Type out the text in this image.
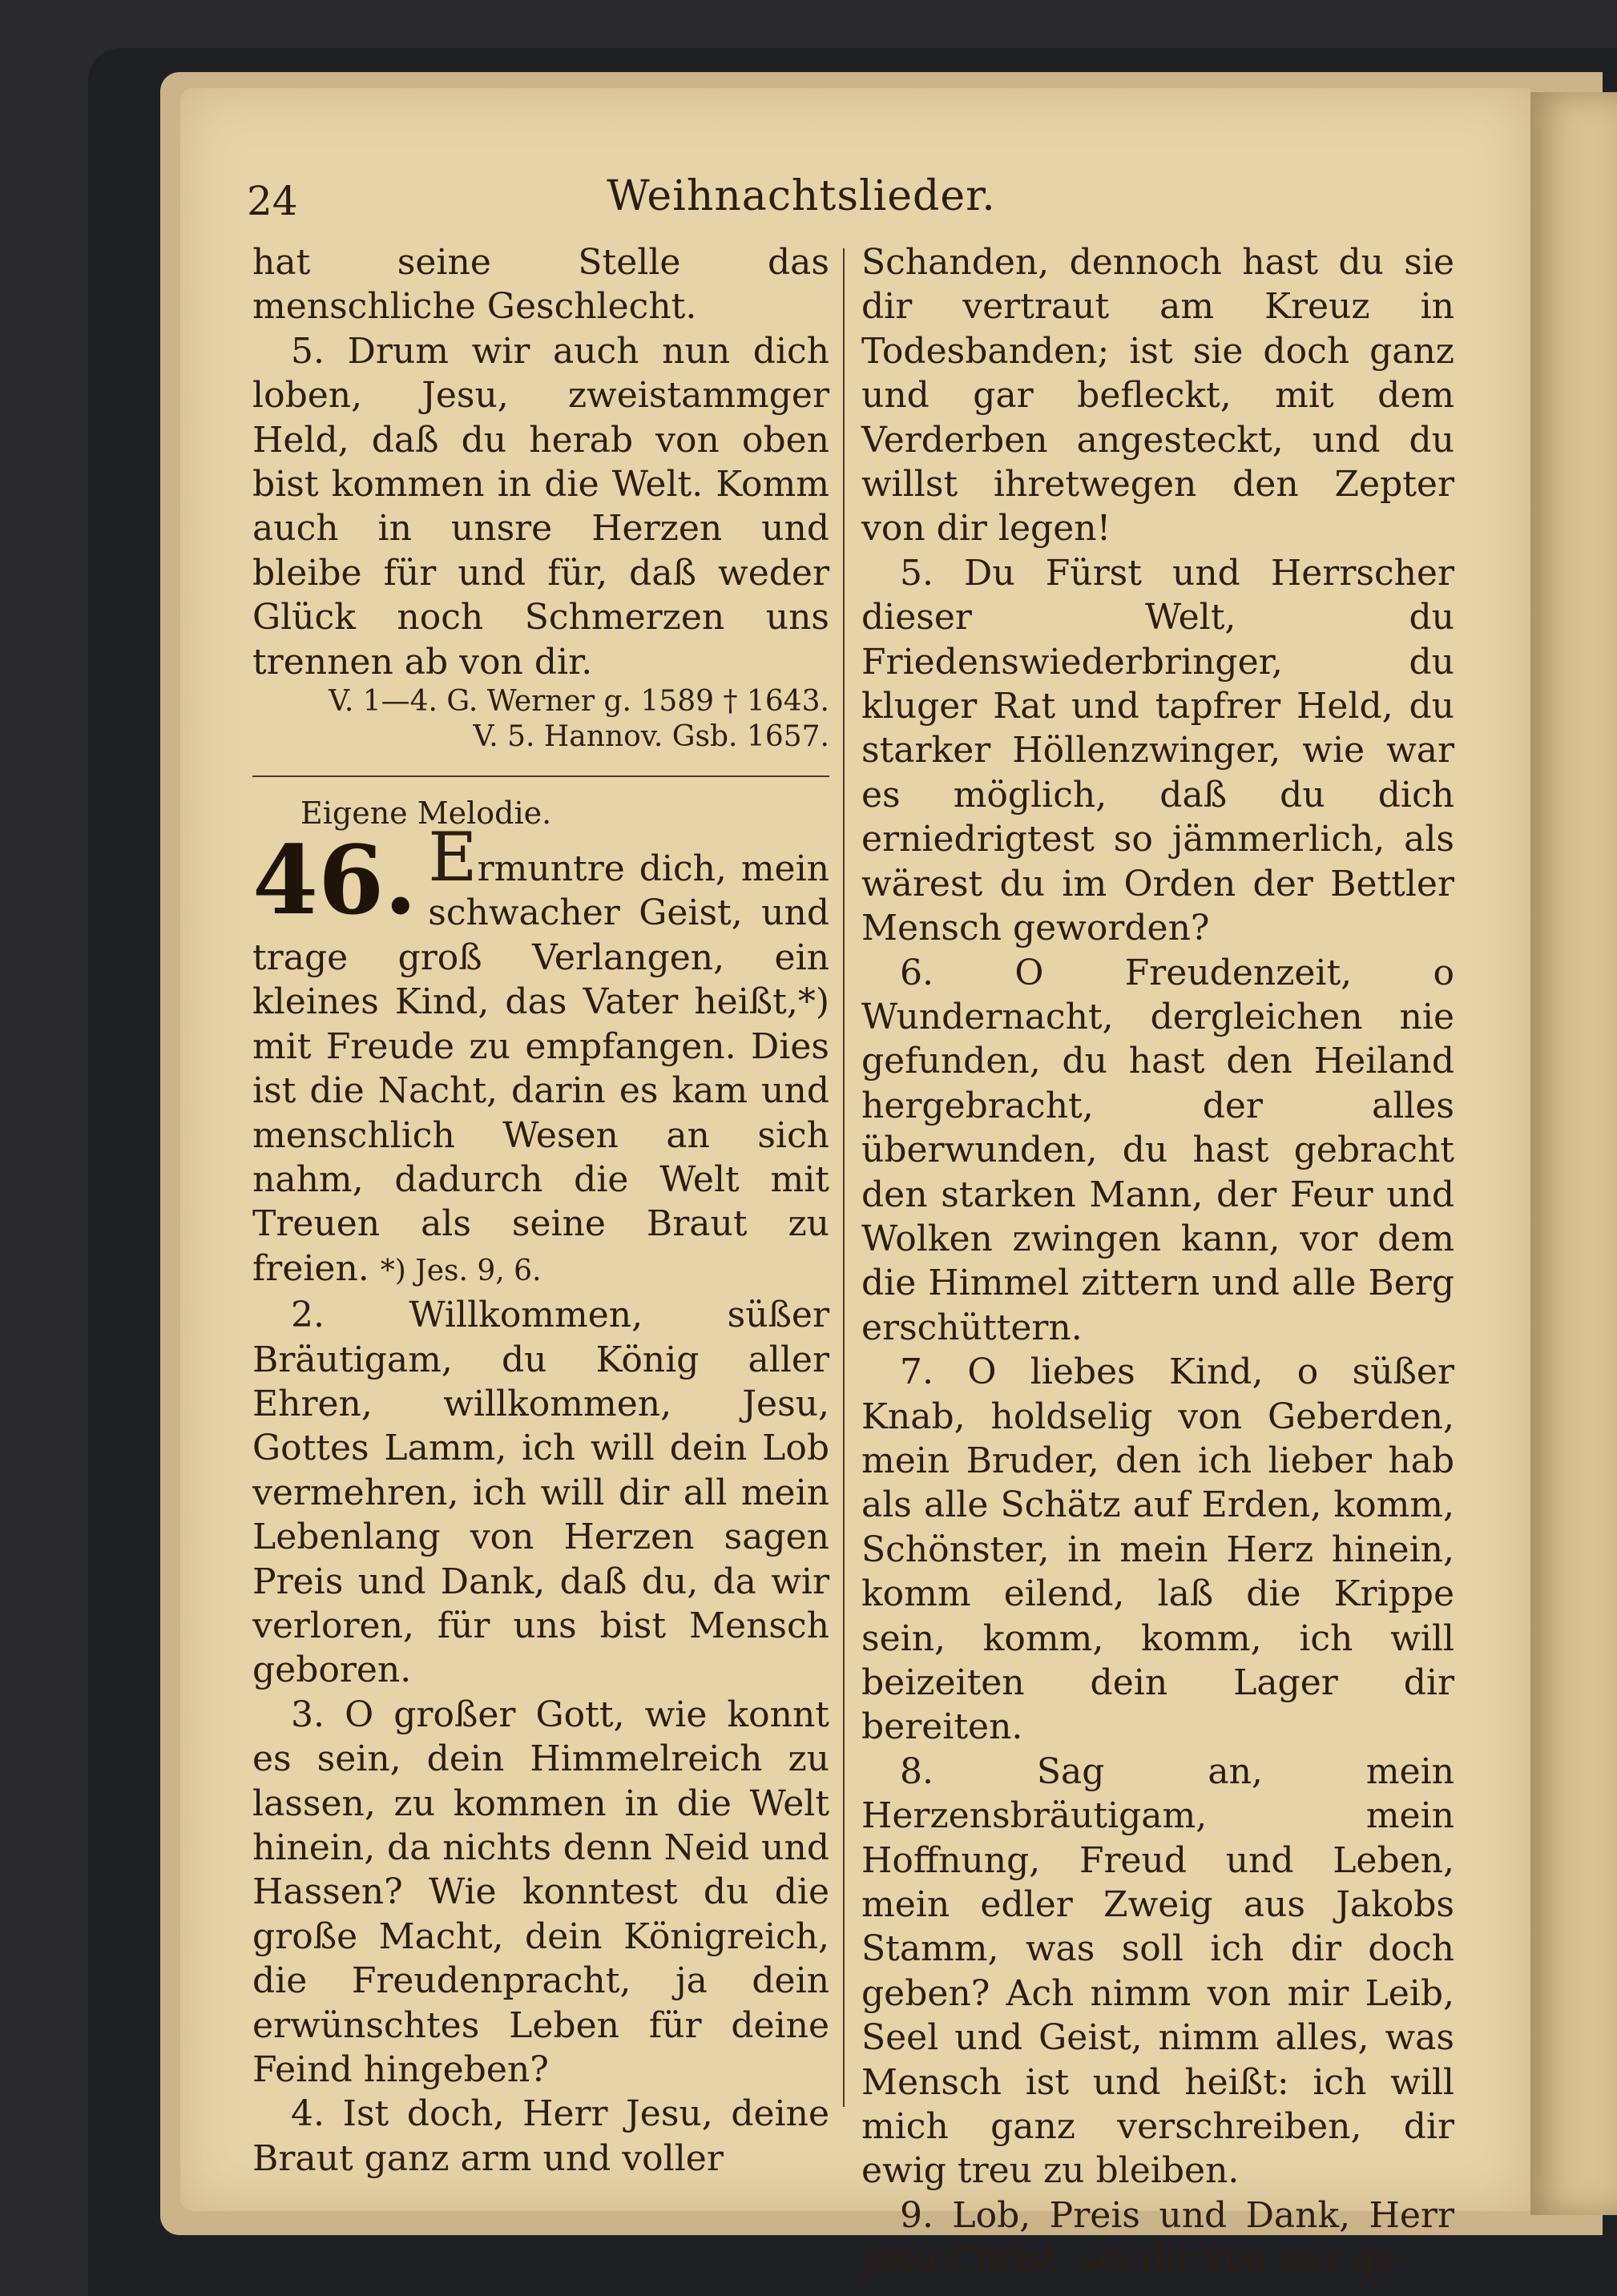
24	Weihnachtslieder.

hat seine Stelle das menschliche Geschlecht.

5. Drum wir auch nun dich loben, Jesu, zweistammger Held, daß du herab von oben bist kommen in die Welt. Komm auch in unsre Herzen und bleibe für und für, daß weder Glück noch Schmerzen uns trennen ab von dir.

V. 1—4. G. Werner g. 1589 † 1643.

V. 5. Hannov. Gsb. 1657.

Eigene Melodie.

46. Ermuntre dich, mein schwacher Geist, und trage groß Verlangen, ein kleines Kind, das Vater heißt,*) mit Freude zu empfangen. Dies ist die Nacht, darin es kam und menschlich Wesen an sich nahm, dadurch die Welt mit Treuen als seine Braut zu freien. *) Jes. 9, 6.

2. Willkommen, süßer Bräutigam, du König aller Ehren, willkommen, Jesu, Gottes Lamm, ich will dein Lob vermehren, ich will dir all mein Lebenlang von Herzen sagen Preis und Dank, daß du, da wir verloren, für uns bist Mensch geboren.

3. O großer Gott, wie konnt es sein, dein Himmelreich zu lassen, zu kommen in die Welt hinein, da nichts denn Neid und Hassen? Wie konntest du die große Macht, dein Königreich, die Freudenpracht, ja dein erwünschtes Leben für deine Feind hingeben?

4. Ist doch, Herr Jesu, deine Braut ganz arm und voller

Schanden, dennoch hast du sie dir vertraut am Kreuz in Todesbanden; ist sie doch ganz und gar befleckt, mit dem Verderben angesteckt, und du willst ihretwegen den Zepter von dir legen!

5. Du Fürst und Herrscher dieser Welt, du Friedenswiederbringer, du kluger Rat und tapfrer Held, du starker Höllenzwinger, wie war es möglich, daß du dich erniedrigtest so jämmerlich, als wärest du im Orden der Bettler Mensch geworden?

6. O Freudenzeit, o Wundernacht, dergleichen nie gefunden, du hast den Heiland hergebracht, der alles überwunden, du hast gebracht den starken Mann, der Feur und Wolken zwingen kann, vor dem die Himmel zittern und alle Berg erschüttern.

7. O liebes Kind, o süßer Knab, holdselig von Geberden, mein Bruder, den ich lieber hab als alle Schätz auf Erden, komm, Schönster, in mein Herz hinein, komm eilend, laß die Krippe sein, komm, komm, ich will beizeiten dein Lager dir bereiten.

8. Sag an, mein Herzensbräutigam, mein Hoffnung, Freud und Leben, mein edler Zweig aus Jakobs Stamm, was soll ich dir doch geben? Ach nimm von mir Leib, Seel und Geist, nimm alles, was Mensch ist und heißt: ich will mich ganz verschreiben, dir ewig treu zu bleiben.

9. Lob, Preis und Dank, Herr Jesu Christ, sei dir von mir ge-
